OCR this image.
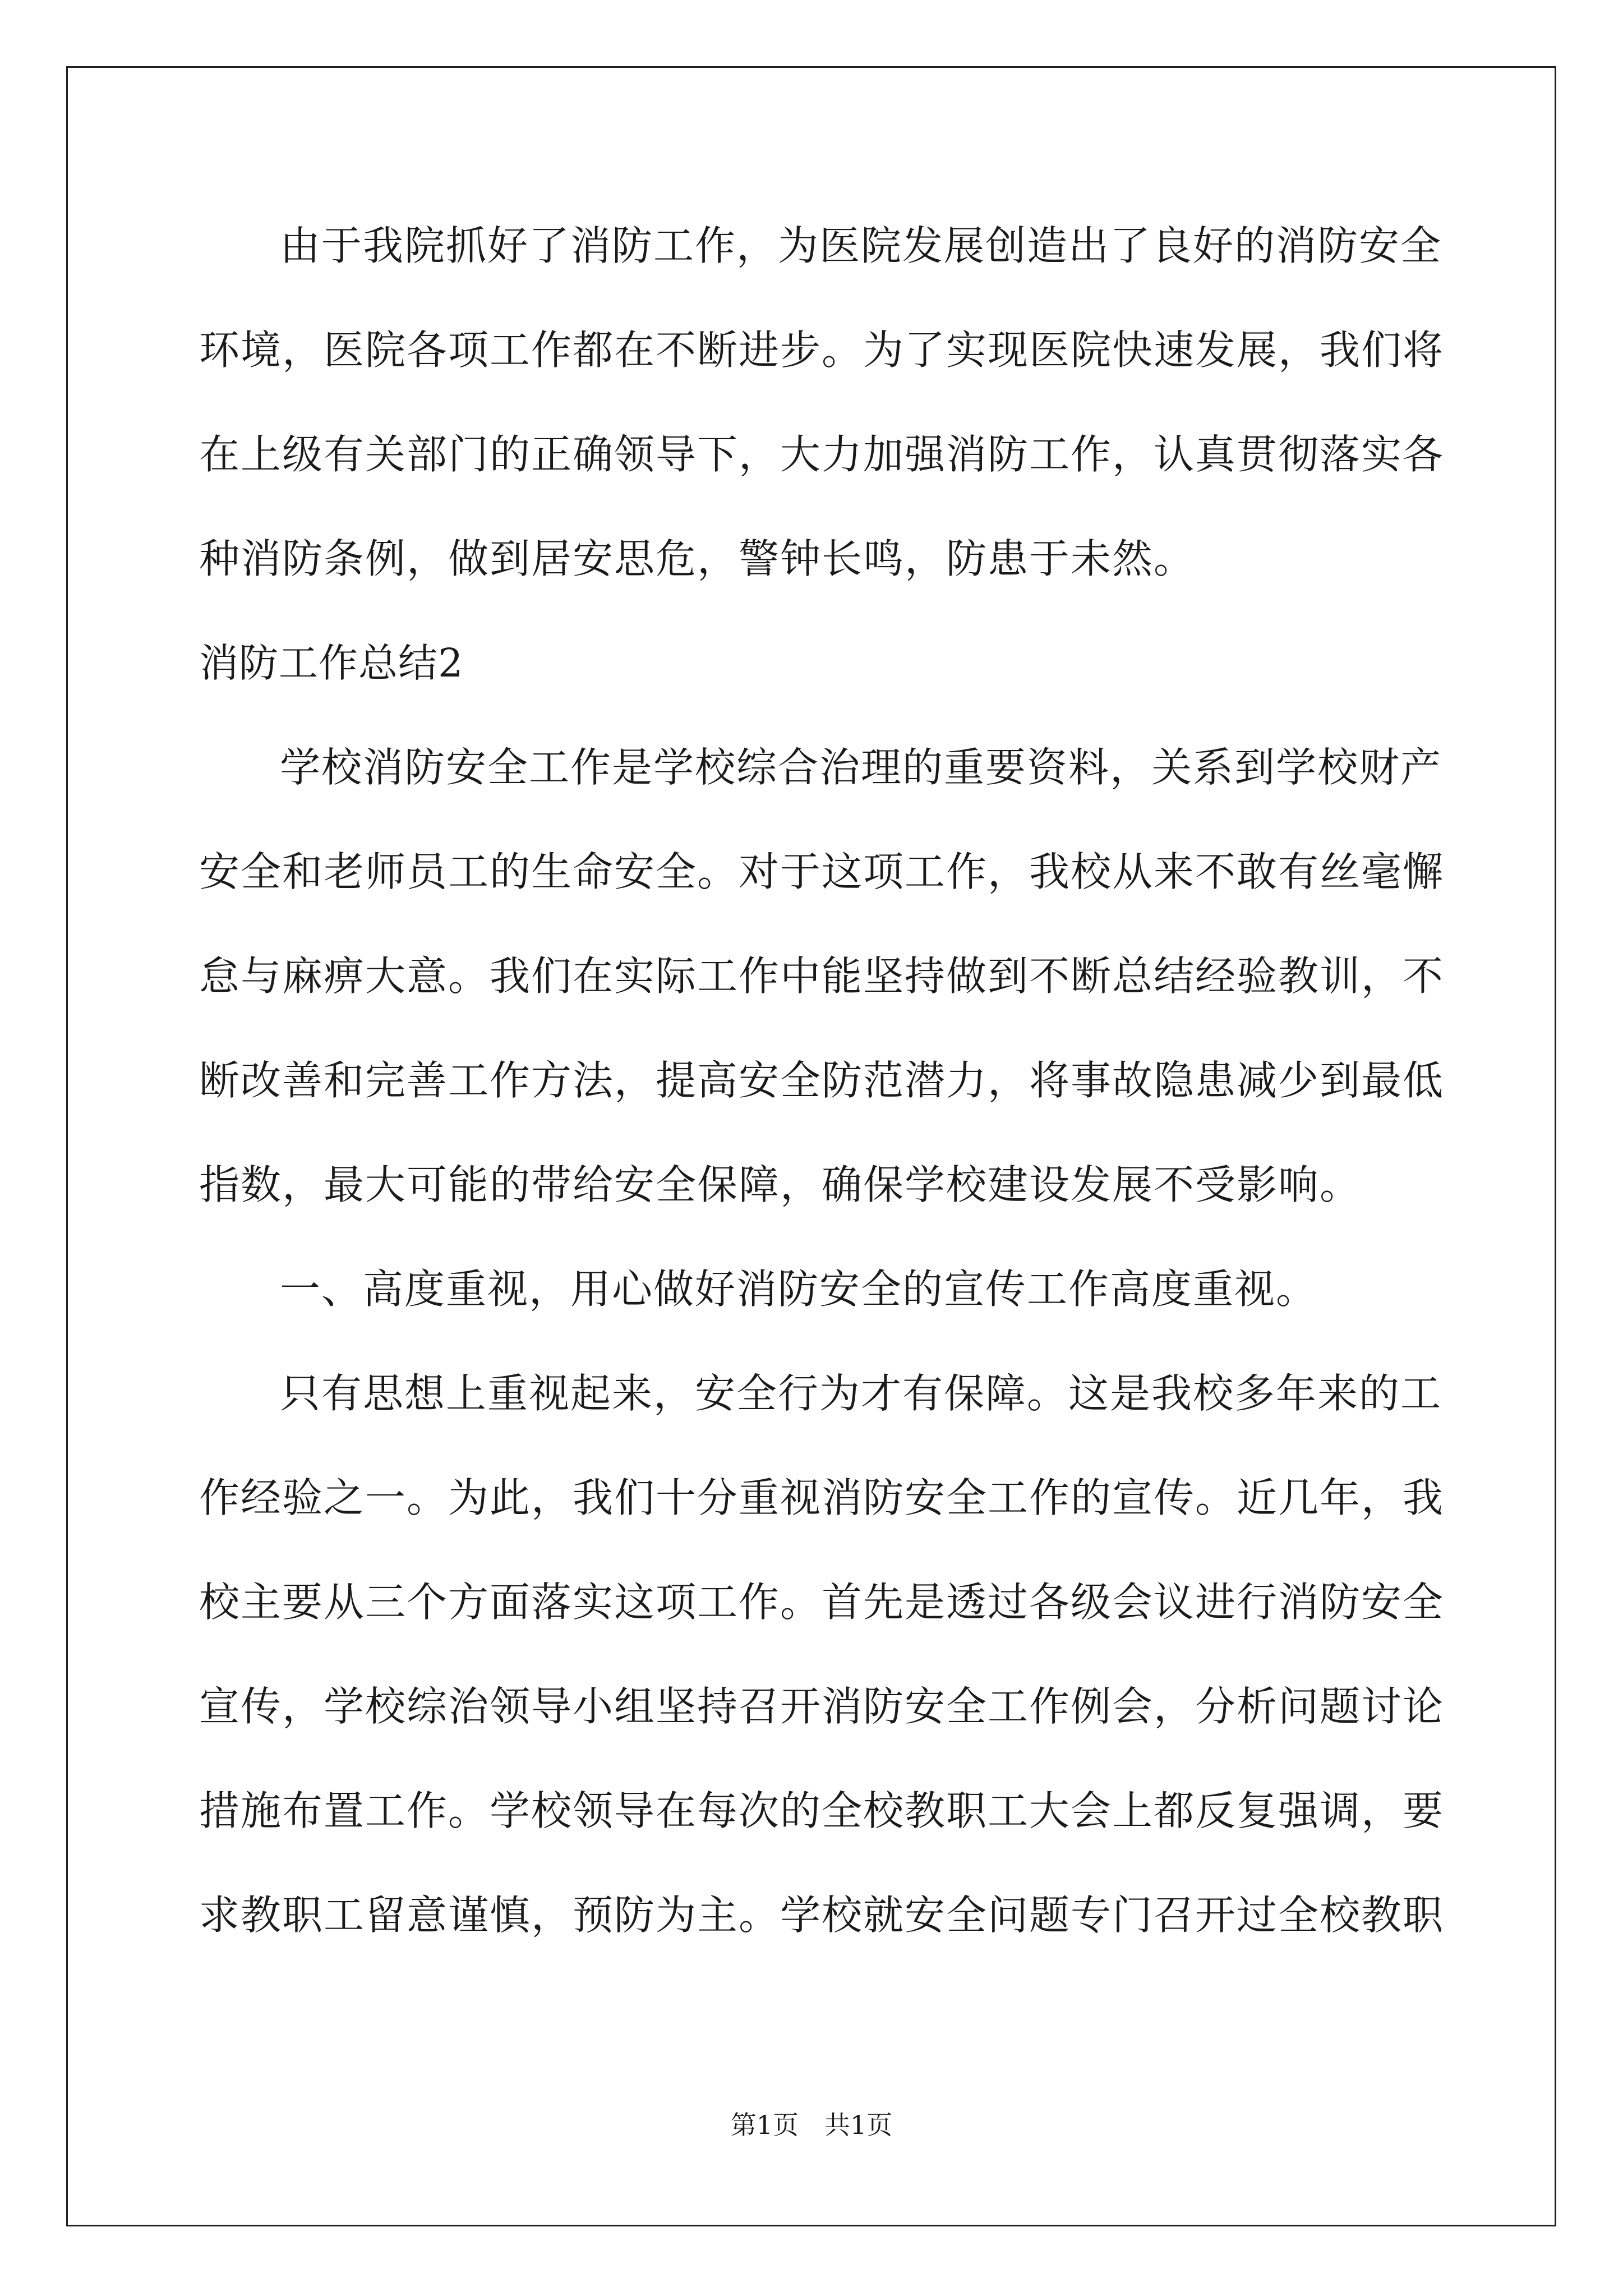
由于我院抓好了消防工作，为医院发展创造出了良好的消防安全
环境，医院各项工作都在不断进步。为了实现医院快速发展，我们将
在上级有关部门的正确领导下，大力加强消防工作，认真贯彻落实各
种消防条例，做到居安思危，警钟长鸣，防患于未然。
消防工作总结2
学校消防安全工作是学校综合治理的重要资料，关系到学校财产
安全和老师员工的生命安全。对于这项工作，我校从来不敢有丝毫懈
怠与麻痹大意。我们在实际工作中能坚持做到不断总结经验教训，不
断改善和完善工作方法，提高安全防范潜力，将事故隐患减少到最低
指数，最大可能的带给安全保障，确保学校建设发展不受影响。
一、高度重视，用心做好消防安全的宣传工作高度重视。
只有思想上重视起来，安全行为才有保障。这是我校多年来的工
作经验之一。为此，我们十分重视消防安全工作的宣传。近几年，我
校主要从三个方面落实这项工作。首先是透过各级会议进行消防安全
宣传，学校综治领导小组坚持召开消防安全工作例会，分析问题讨论
措施布置工作。学校领导在每次的全校教职工大会上都反复强调，要
求教职工留意谨慎，预防为主。学校就安全问题专门召开过全校教职
第1页　共1页
